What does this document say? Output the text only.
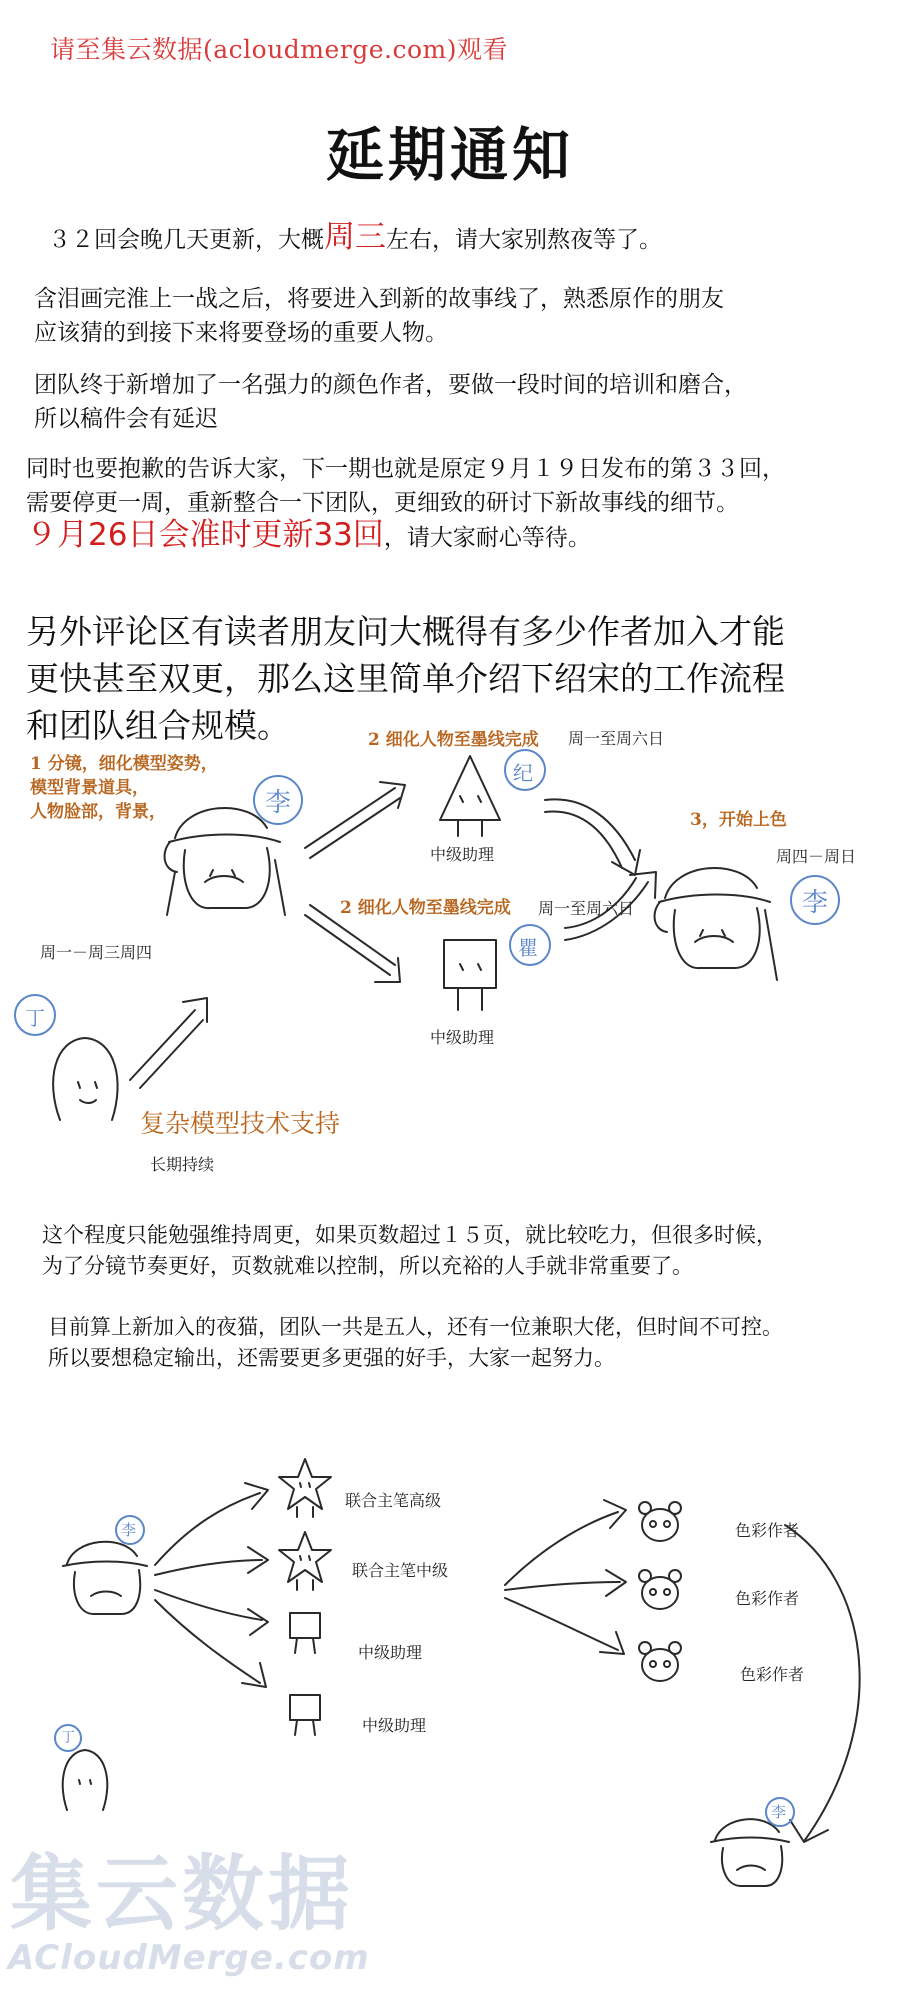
请至集云数据(acloudmerge.com)观看
延期通知
３２回会晚几天更新，大概周三左右，请大家别熬夜等了。
含泪画完淮上一战之后，将要进入到新的故事线了，熟悉原作的朋友
应该猜的到接下来将要登场的重要人物。
团队终于新增加了一名强力的颜色作者，要做一段时间的培训和磨合，
所以稿件会有延迟
同时也要抱歉的告诉大家，下一期也就是原定９月１９日发布的第３３回，
需要停更一周，重新整合一下团队，更细致的研讨下新故事线的细节。
９月26日会准时更新33回，请大家耐心等待。
另外评论区有读者朋友问大概得有多少作者加入才能
更快甚至双更，那么这里简单介绍下绍宋的工作流程
和团队组合规模。
1 分镜，细化模型姿势，
模型背景道具，
人物脸部，背景，	李
周一－周三周四
2 细化人物至墨线完成 周一至周六日
纪
中级助理
2 细化人物至墨线完成 周一至周六日
瞿
中级助理
3，开始上色
周四－周日
李
丁
复杂模型技术支持
长期持续
这个程度只能勉强维持周更，如果页数超过１５页，就比较吃力，但很多时候，
为了分镜节奏更好，页数就难以控制，所以充裕的人手就非常重要了。
目前算上新加入的夜猫，团队一共是五人，还有一位兼职大佬，但时间不可控。
所以要想稳定输出，还需要更多更强的好手，大家一起努力。
李
联合主笔高级
联合主笔中级
中级助理
中级助理
色彩作者
色彩作者
色彩作者
李
丁
集云数据
ACloudMerge.com
